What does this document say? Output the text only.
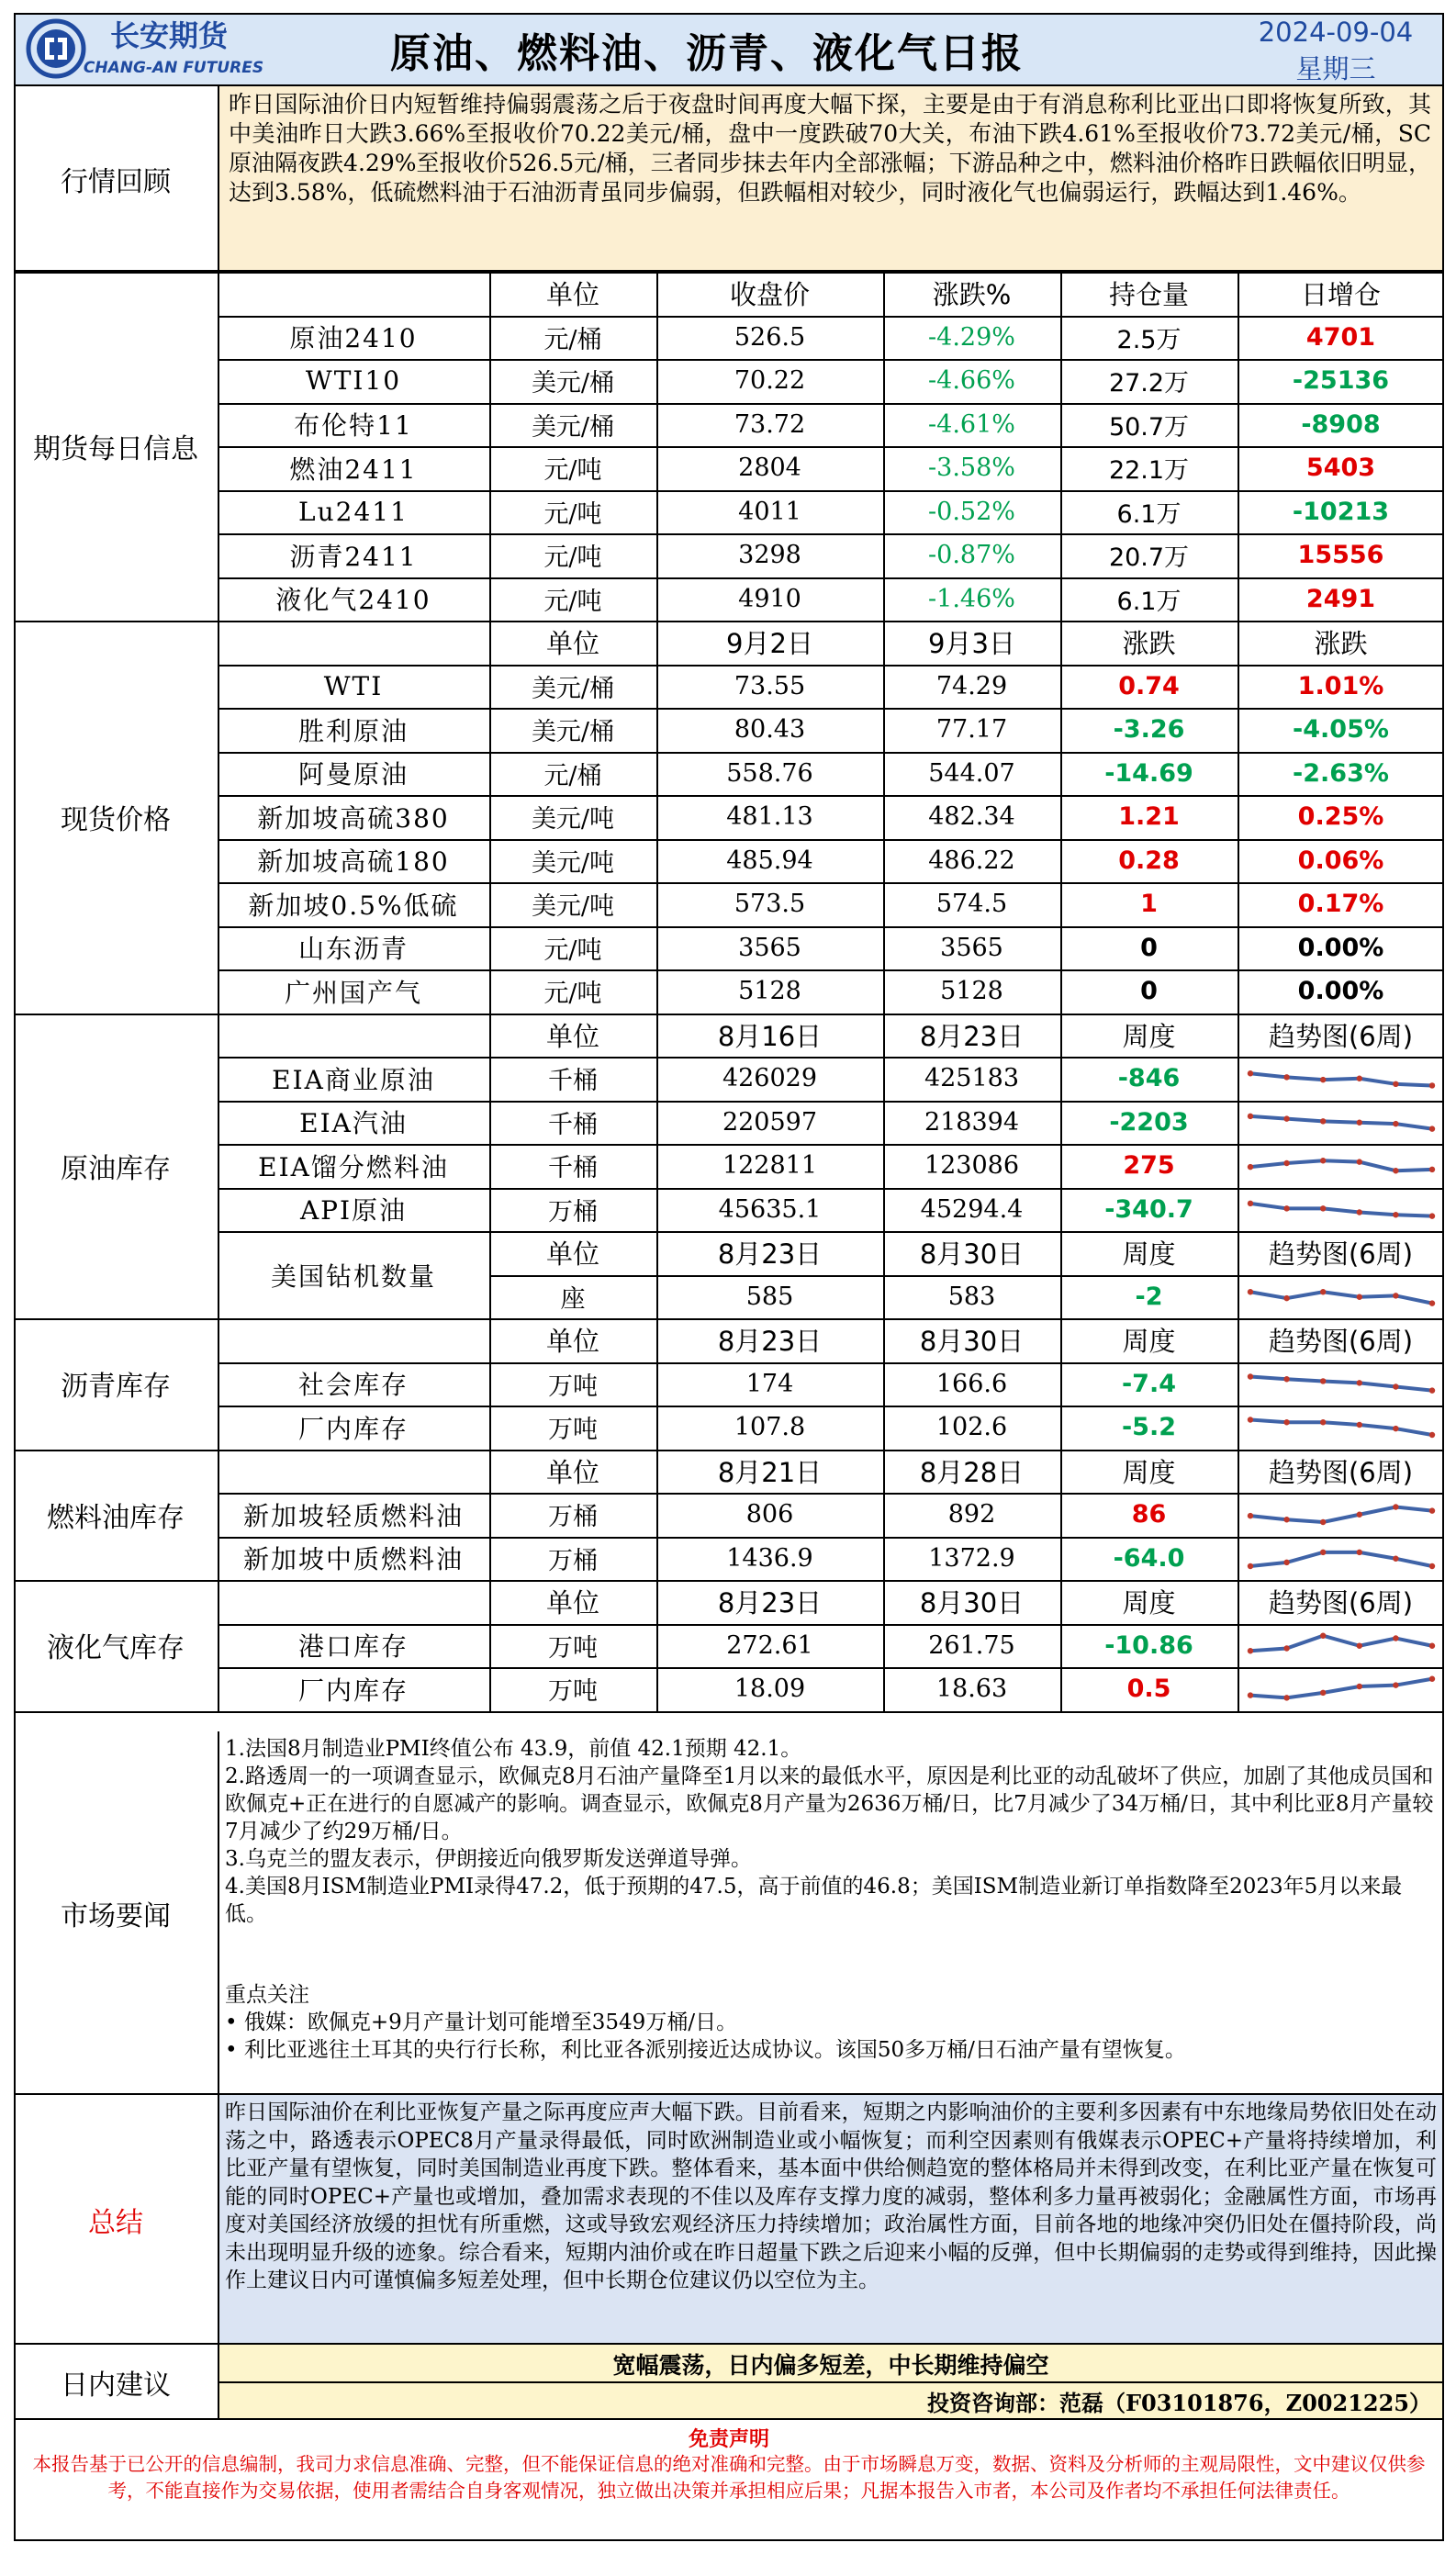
长安期货
CHANG-AN FUTURES	原油、燃料油、沥青、液化气日报	2024-09-04
星期三
行情回顾
昨日国际油价日内短暂维持偏弱震荡之后于夜盘时间再度大幅下探，主要是由于有消息称利比亚出口即将恢复所致，其中美油昨日大跌3.66%至报收价70.22美元/桶，盘中一度跌破70大关，布油下跌4.61%至报收价73.72美元/桶，SC原油隔夜跌4.29%至报收价526.5元/桶，三者同步抹去年内全部涨幅；下游品种之中，燃料油价格昨日跌幅依旧明显，达到3.58%，低硫燃料油于石油沥青虽同步偏弱，但跌幅相对较少，同时液化气也偏弱运行，跌幅达到1.46%。
期货每日信息
单位	收盘价	涨跌%	持仓量	日增仓
原油2410	元/桶	526.5	-4.29%	2.5万	4701
WTI10	美元/桶	70.22	-4.66%	27.2万	-25136
布伦特11	美元/桶	73.72	-4.61%	50.7万	-8908
燃油2411	元/吨	2804	-3.58%	22.1万	5403
Lu2411	元/吨	4011	-0.52%	6.1万	-10213
沥青2411	元/吨	3298	-0.87%	20.7万	15556
液化气2410	元/吨	4910	-1.46%	6.1万	2491
现货价格
单位	9月2日	9月3日	涨跌	涨跌
WTI	美元/桶	73.55	74.29	0.74	1.01%
胜利原油	美元/桶	80.43	77.17	-3.26	-4.05%
阿曼原油	元/桶	558.76	544.07	-14.69	-2.63%
新加坡高硫380	美元/吨	481.13	482.34	1.21	0.25%
新加坡高硫180	美元/吨	485.94	486.22	0.28	0.06%
新加坡0.5%低硫	美元/吨	573.5	574.5	1	0.17%
山东沥青	元/吨	3565	3565	0	0.00%
广州国产气	元/吨	5128	5128	0	0.00%
原油库存
单位	8月16日	8月23日	周度	趋势图(6周)
EIA商业原油	千桶	426029	425183	-846
EIA汽油	千桶	220597	218394	-2203
EIA馏分燃料油	千桶	122811	123086	275
API原油	万桶	45635.1	45294.4	-340.7
美国钻机数量
单位	8月23日	8月30日	周度	趋势图(6周)
座	585	583	-2
沥青库存
单位	8月23日	8月30日	周度	趋势图(6周)
社会库存	万吨	174	166.6	-7.4
厂内库存	万吨	107.8	102.6	-5.2
燃料油库存
单位	8月21日	8月28日	周度	趋势图(6周)
新加坡轻质燃料油	万桶	806	892	86
新加坡中质燃料油	万桶	1436.9	1372.9	-64.0
液化气库存
单位	8月23日	8月30日	周度	趋势图(6周)
港口库存	万吨	272.61	261.75	-10.86
厂内库存	万吨	18.09	18.63	0.5
市场要闻
1.法国8月制造业PMI终值公布 43.9，前值 42.1预期 42.1。
2.路透周一的一项调查显示，欧佩克8月石油产量降至1月以来的最低水平，原因是利比亚的动乱破坏了供应，加剧了其他成员国和欧佩克+正在进行的自愿减产的影响。调查显示，欧佩克8月产量为2636万桶/日，比7月减少了34万桶/日，其中利比亚8月产量较7月减少了约29万桶/日。
3.乌克兰的盟友表示，伊朗接近向俄罗斯发送弹道导弹。
4.美国8月ISM制造业PMI录得47.2，低于预期的47.5，高于前值的46.8；美国ISM制造业新订单指数降至2023年5月以来最低。
重点关注
• 俄媒：欧佩克+9月产量计划可能增至3549万桶/日。
• 利比亚逃往土耳其的央行行长称，利比亚各派别接近达成协议。该国50多万桶/日石油产量有望恢复。
总结
昨日国际油价在利比亚恢复产量之际再度应声大幅下跌。目前看来，短期之内影响油价的主要利多因素有中东地缘局势依旧处在动荡之中，路透表示OPEC8月产量录得最低，同时欧洲制造业或小幅恢复；而利空因素则有俄媒表示OPEC+产量将持续增加，利比亚产量有望恢复，同时美国制造业再度下跌。整体看来，基本面中供给侧趋宽的整体格局并未得到改变，在利比亚产量在恢复可能的同时OPEC+产量也或增加，叠加需求表现的不佳以及库存支撑力度的减弱，整体利多力量再被弱化；金融属性方面，市场再度对美国经济放缓的担忧有所重燃，这或导致宏观经济压力持续增加；政治属性方面，目前各地的地缘冲突仍旧处在僵持阶段，尚未出现明显升级的迹象。综合看来，短期内油价或在昨日超量下跌之后迎来小幅的反弹，但中长期偏弱的走势或得到维持，因此操作上建议日内可谨慎偏多短差处理，但中长期仓位建议仍以空位为主。
日内建议
宽幅震荡，日内偏多短差，中长期维持偏空
投资咨询部：范磊（F03101876，Z0021225）
免责声明
本报告基于已公开的信息编制，我司力求信息准确、完整，但不能保证信息的绝对准确和完整。由于市场瞬息万变，数据、资料及分析师的主观局限性，文中建议仅供参考，不能直接作为交易依据，使用者需结合自身客观情况，独立做出决策并承担相应后果；凡据本报告入市者，本公司及作者均不承担任何法律责任。
